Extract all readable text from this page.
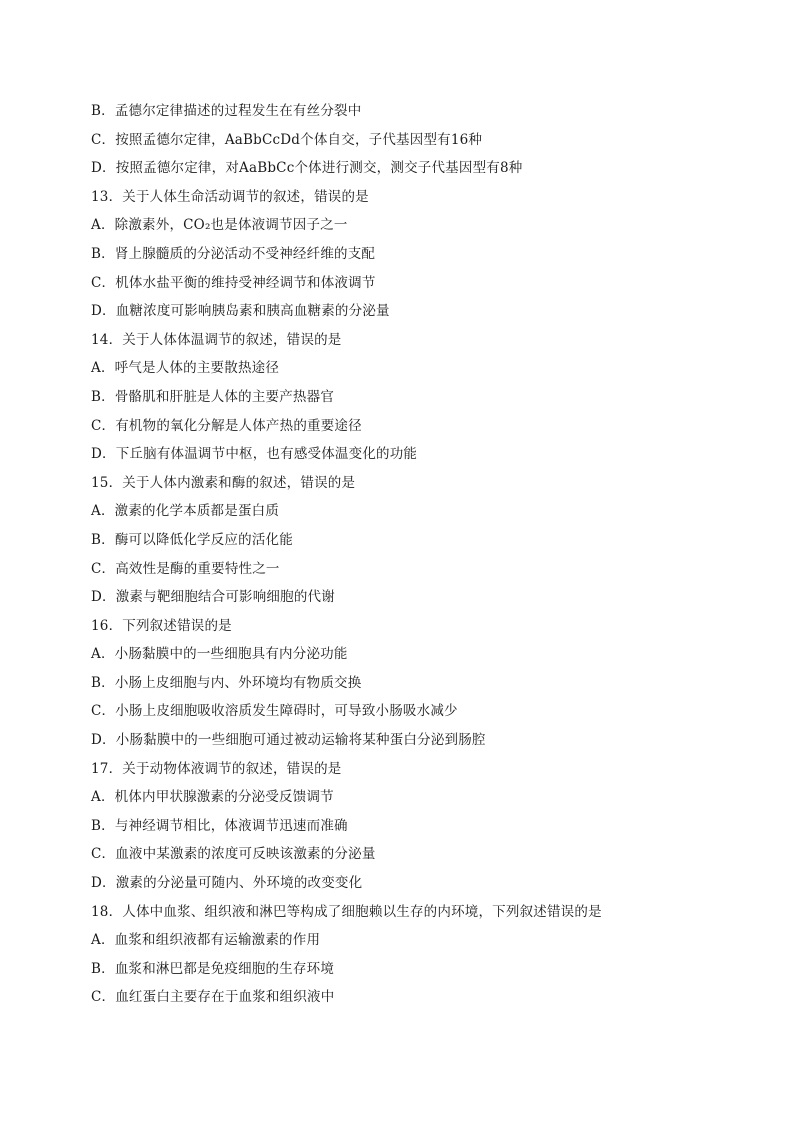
B．孟德尔定律描述的过程发生在有丝分裂中
C．按照孟德尔定律，AaBbCcDd个体自交，子代基因型有16种
D．按照孟德尔定律，对AaBbCc个体进行测交，测交子代基因型有8种
13．关于人体生命活动调节的叙述，错误的是
A．除激素外，CO₂也是体液调节因子之一
B．肾上腺髓质的分泌活动不受神经纤维的支配
C．机体水盐平衡的维持受神经调节和体液调节
D．血糖浓度可影响胰岛素和胰高血糖素的分泌量
14．关于人体体温调节的叙述，错误的是
A．呼气是人体的主要散热途径
B．骨骼肌和肝脏是人体的主要产热器官
C．有机物的氧化分解是人体产热的重要途径
D．下丘脑有体温调节中枢，也有感受体温变化的功能
15．关于人体内激素和酶的叙述，错误的是
A．激素的化学本质都是蛋白质
B．酶可以降低化学反应的活化能
C．高效性是酶的重要特性之一
D．激素与靶细胞结合可影响细胞的代谢
16．下列叙述错误的是
A．小肠黏膜中的一些细胞具有内分泌功能
B．小肠上皮细胞与内、外环境均有物质交换
C．小肠上皮细胞吸收溶质发生障碍时，可导致小肠吸水减少
D．小肠黏膜中的一些细胞可通过被动运输将某种蛋白分泌到肠腔
17．关于动物体液调节的叙述，错误的是
A．机体内甲状腺激素的分泌受反馈调节
B．与神经调节相比，体液调节迅速而准确
C．血液中某激素的浓度可反映该激素的分泌量
D．激素的分泌量可随内、外环境的改变变化
18．人体中血浆、组织液和淋巴等构成了细胞赖以生存的内环境，下列叙述错误的是
A．血浆和组织液都有运输激素的作用
B．血浆和淋巴都是免疫细胞的生存环境
C．血红蛋白主要存在于血浆和组织液中
